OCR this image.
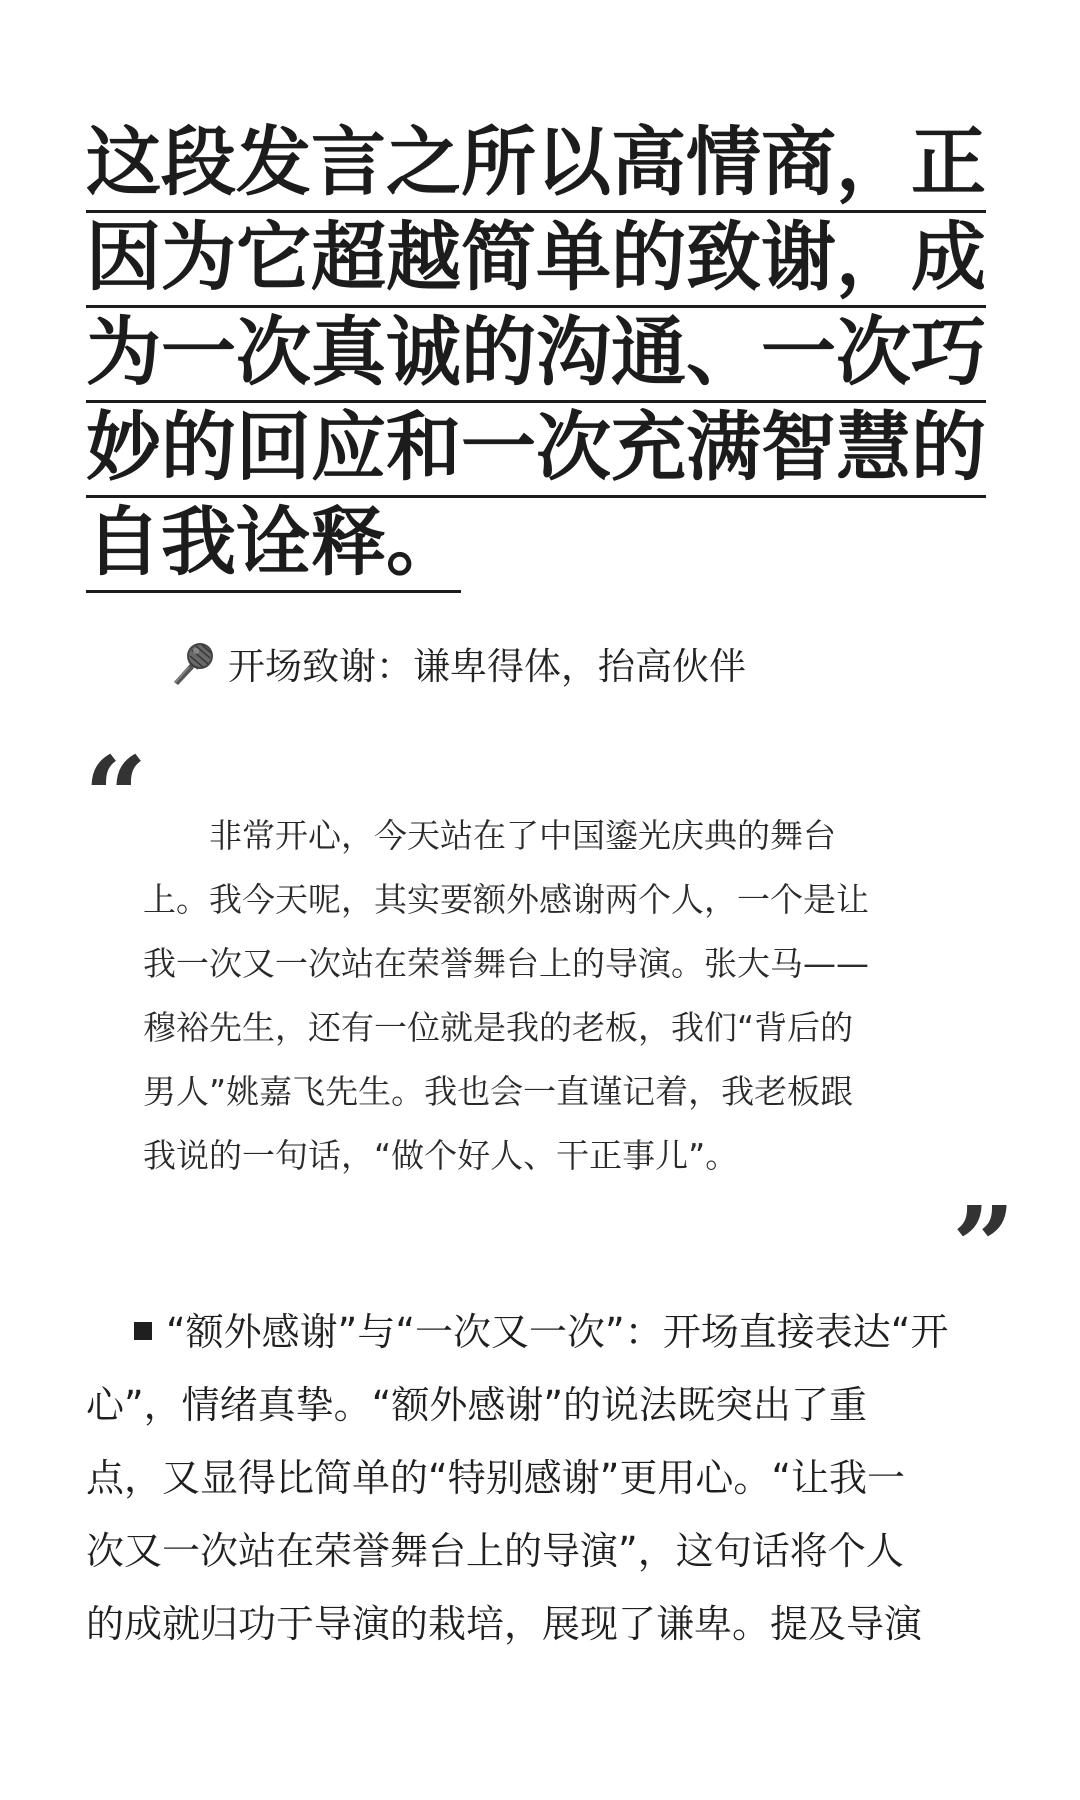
这段发言之所以高情商，正
因为它超越简单的致谢，成
为一次真诚的沟通、一次巧
妙的回应和一次充满智慧的
自我诠释。
开场致谢：谦卑得体，抬高伙伴
“
　　非常开心，今天站在了中国鎏光庆典的舞台
上。我今天呢，其实要额外感谢两个人，一个是让
我一次又一次站在荣誉舞台上的导演。张大马——
穆裕先生，还有一位就是我的老板，我们“背后的
男人”姚嘉飞先生。我也会一直谨记着，我老板跟
我说的一句话，“做个好人、干正事儿”。
”
“额外感谢”与“一次又一次”：开场直接表达“开
心”，情绪真挚。“额外感谢”的说法既突出了重
点，又显得比简单的“特别感谢”更用心。“让我一
次又一次站在荣誉舞台上的导演”，这句话将个人
的成就归功于导演的栽培，展现了谦卑。提及导演
